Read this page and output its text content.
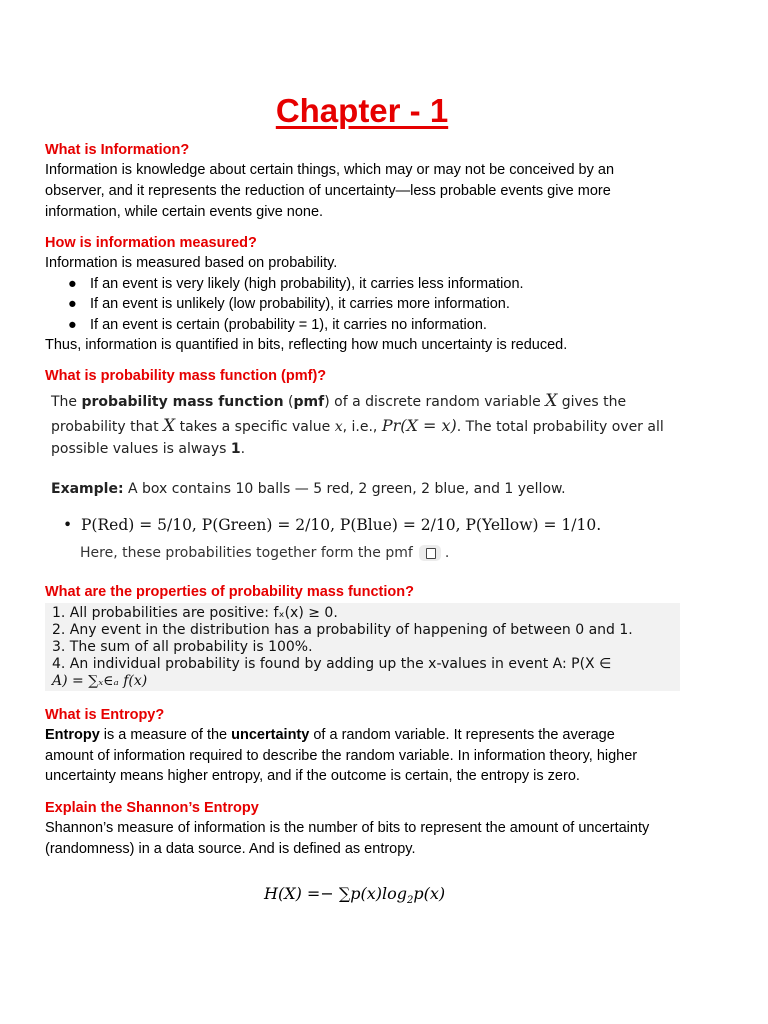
Chapter - 1
What is Information?
Information is knowledge about certain things, which may or may not be conceived by an
observer, and it represents the reduction of uncertainty—less probable events give more
information, while certain events give none.
How is information measured?
Information is measured based on probability.
● If an event is very likely (high probability), it carries less information.
● If an event is unlikely (low probability), it carries more information.
● If an event is certain (probability = 1), it carries no information.
Thus, information is quantified in bits, reflecting how much uncertainty is reduced.
What is probability mass function (pmf)?
The probability mass function (pmf) of a discrete random variable X gives the
probability that X takes a specific value x, i.e., Pr(X = x). The total probability over all
possible values is always 1.
Example: A box contains 10 balls — 5 red, 2 green, 2 blue, and 1 yellow.
• P(Red) = 5/10, P(Green) = 2/10, P(Blue) = 2/10, P(Yellow) = 1/10.
Here, these probabilities together form the pmf .
What are the properties of probability mass function?
1. All probabilities are positive: fₓ(x) ≥ 0.
2. Any event in the distribution has a probability of happening of between 0 and 1.
3. The sum of all probability is 100%.
4. An individual probability is found by adding up the x-values in event A: P(X ∈
A) = ∑ₓ∈ₐ f(x)
What is Entropy?
Entropy is a measure of the uncertainty of a random variable. It represents the average
amount of information required to describe the random variable. In information theory, higher
uncertainty means higher entropy, and if the outcome is certain, the entropy is zero.
Explain the Shannon’s Entropy
Shannon’s measure of information is the number of bits to represent the amount of uncertainty
(randomness) in a data source. And is defined as entropy.
$H(X) =- \sum p(x)\log_2p(x)$
